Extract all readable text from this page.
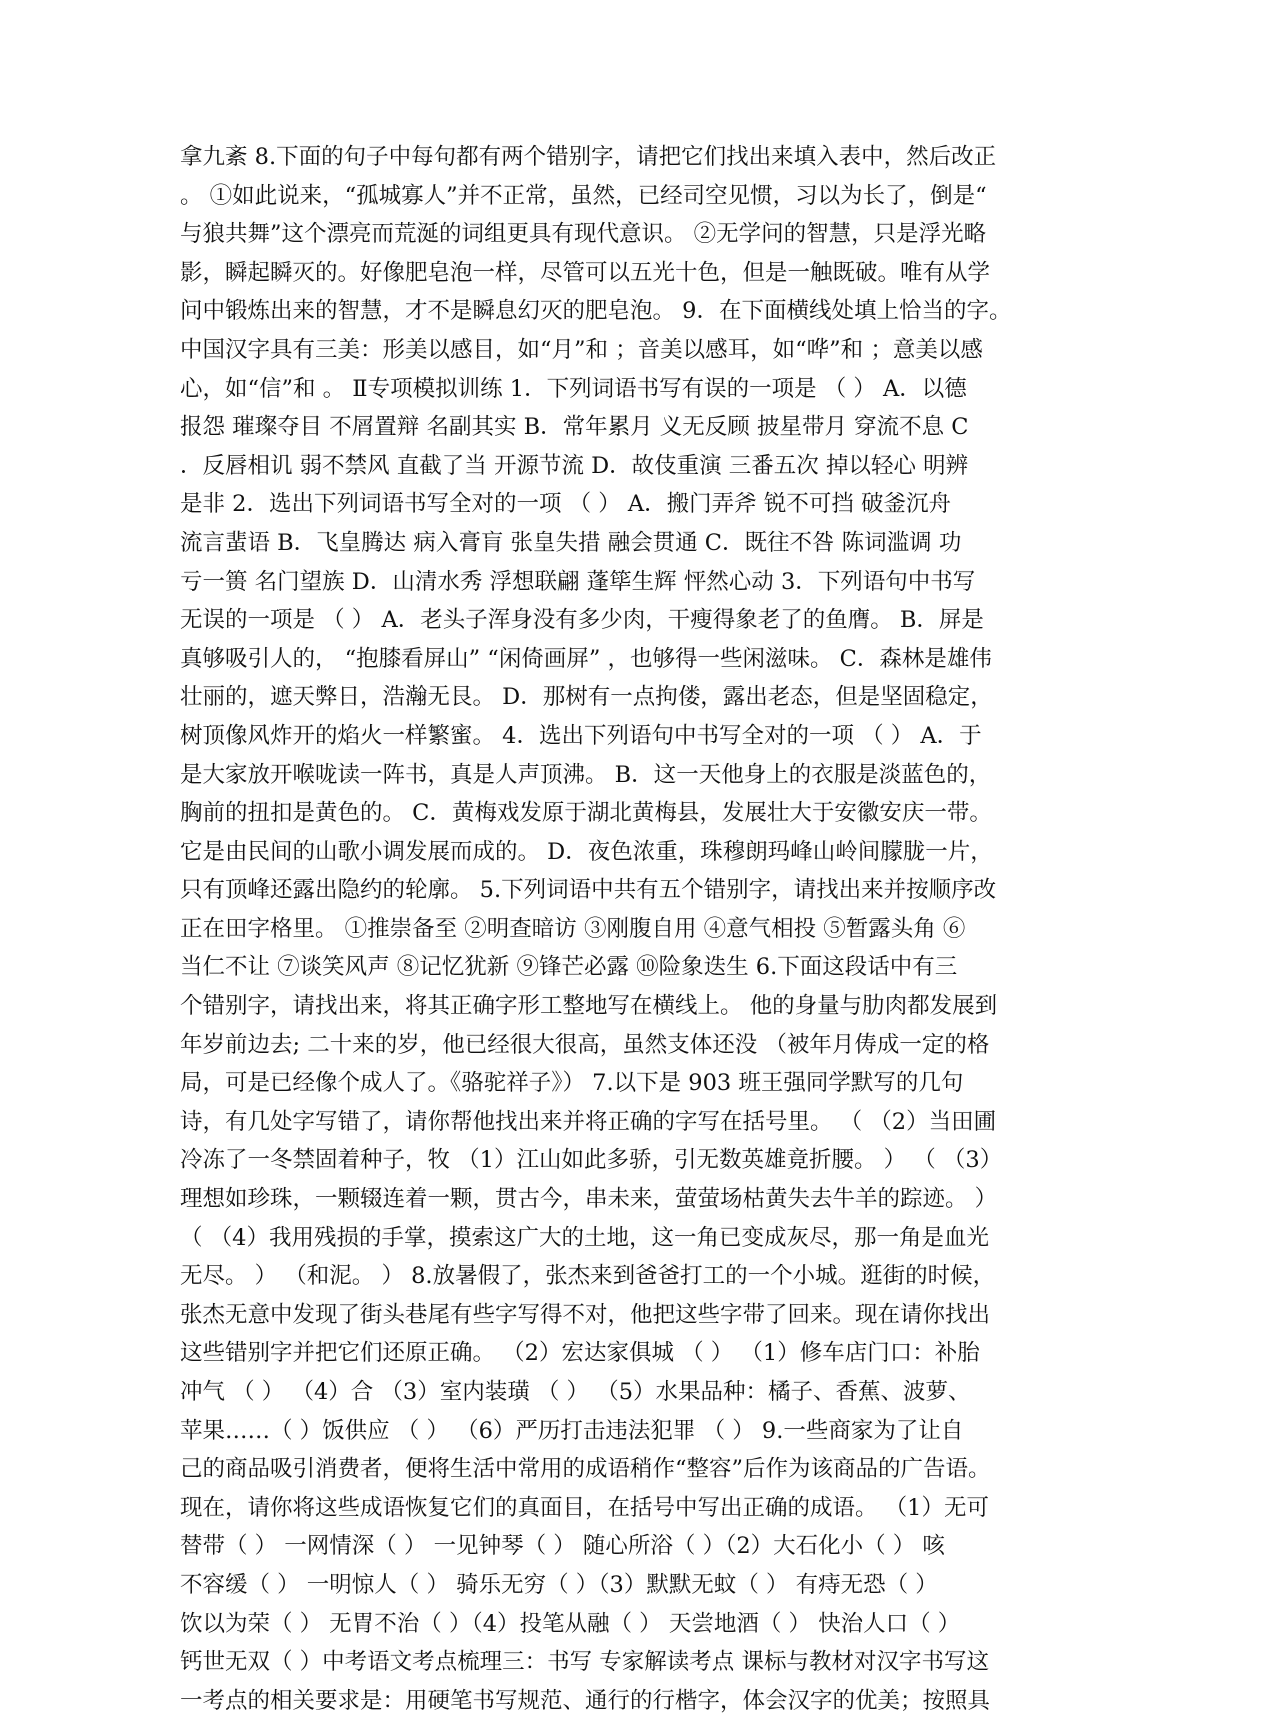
拿九紊 8.下面的句子中每句都有两个错别字，请把它们找出来填入表中，然后改正
。 ①如此说来，“孤城寡人”并不正常，虽然，已经司空见惯，习以为长了，倒是“
与狼共舞”这个漂亮而荒涎的词组更具有现代意识。 ②无学问的智慧，只是浮光略
影，瞬起瞬灭的。好像肥皂泡一样，尽管可以五光十色，但是一触既破。唯有从学
问中锻炼出来的智慧，才不是瞬息幻灭的肥皂泡。 9．在下面横线处填上恰当的字。
中国汉字具有三美：形美以感目，如“月”和 ；音美以感耳，如“哗”和 ；意美以感
心，如“信”和 。 Ⅱ专项模拟训练 1．下列词语书写有误的一项是 （ ） A．以德
报怨 璀璨夺目 不屑置辩 名副其实 B．常年累月 义无反顾 披星带月 穿流不息 C
．反唇相讥 弱不禁风 直截了当 开源节流 D．故伎重演 三番五次 掉以轻心 明辨
是非 2．选出下列词语书写全对的一项 （ ） A．搬门弄斧 锐不可挡 破釜沉舟
流言蜚语 B．飞皇腾达 病入膏肓 张皇失措 融会贯通 C．既往不咎 陈词滥调 功
亏一篑 名门望族 D．山清水秀 浮想联翩 蓬筚生辉 怦然心动 3．下列语句中书写
无误的一项是 （ ） A．老头子浑身没有多少肉，干瘦得象老了的鱼膺。 B．屏是
真够吸引人的， “抱膝看屏山” “闲倚画屏” ，也够得一些闲滋味。 C．森林是雄伟
壮丽的，遮天弊日，浩瀚无艮。 D．那树有一点拘偻，露出老态，但是坚固稳定，
树顶像风炸开的焰火一样繁蜜。 4．选出下列语句中书写全对的一项 （ ） A．于
是大家放开喉咙读一阵书，真是人声顶沸。 B．这一天他身上的衣服是淡蓝色的，
胸前的扭扣是黄色的。 C．黄梅戏发原于湖北黄梅县，发展壮大于安徽安庆一带。
它是由民间的山歌小调发展而成的。 D．夜色浓重，珠穆朗玛峰山岭间朦胧一片，
只有顶峰还露出隐约的轮廓。 5.下列词语中共有五个错别字，请找出来并按顺序改
正在田字格里。 ①推崇备至 ②明查暗访 ③刚腹自用 ④意气相投 ⑤暂露头角 ⑥
当仁不让 ⑦谈笑风声 ⑧记忆犹新 ⑨锋芒必露 ⑩险象迭生 6.下面这段话中有三
个错别字，请找出来，将其正确字形工整地写在横线上。 他的身量与肋肉都发展到
年岁前边去; 二十来的岁，他已经很大很高，虽然支体还没 （被年月俦成一定的格
局，可是已经像个成人了。《骆驼祥子》） 7.以下是 903 班王强同学默写的几句
诗，有几处字写错了，请你帮他找出来并将正确的字写在括号里。 （ （2）当田圃
冷冻了一冬禁固着种子，牧 （1）江山如此多骄，引无数英雄竟折腰。 ） （ （3）
理想如珍珠，一颗辍连着一颗，贯古今，串未来，萤萤场枯黄失去牛羊的踪迹。 ）
（ （4）我用残损的手掌，摸索这广大的土地，这一角已变成灰尽，那一角是血光
无尽。 ） （和泥。 ） 8.放暑假了，张杰来到爸爸打工的一个小城。逛街的时候，
张杰无意中发现了街头巷尾有些字写得不对，他把这些字带了回来。现在请你找出
这些错别字并把它们还原正确。 （2）宏达家俱城 （ ） （1）修车店门口：补胎
冲气 （ ） （4）合 （3）室内装璜 （ ） （5）水果品种：橘子、香蕉、波萝、
苹果……（ ）饭供应 （ ） （6）严历打击违法犯罪 （ ） 9.一些商家为了让自
己的商品吸引消费者，便将生活中常用的成语稍作“整容”后作为该商品的广告语。
现在，请你将这些成语恢复它们的真面目，在括号中写出正确的成语。 （1）无可
替带（ ） 一网情深（ ） 一见钟琴（ ） 随心所浴（ ）（2）大石化小（ ） 咳
不容缓（ ） 一明惊人（ ） 骑乐无穷（ ）（3）默默无蚊（ ） 有痔无恐（ ）
饮以为荣（ ） 无胃不治（ ）（4）投笔从融（ ） 天尝地酒（ ） 快治人口（ ）
钙世无双（ ）中考语文考点梳理三：书写 专家解读考点 课标与教材对汉字书写这
一考点的相关要求是：用硬笔书写规范、通行的行楷字，体会汉字的优美；按照具
